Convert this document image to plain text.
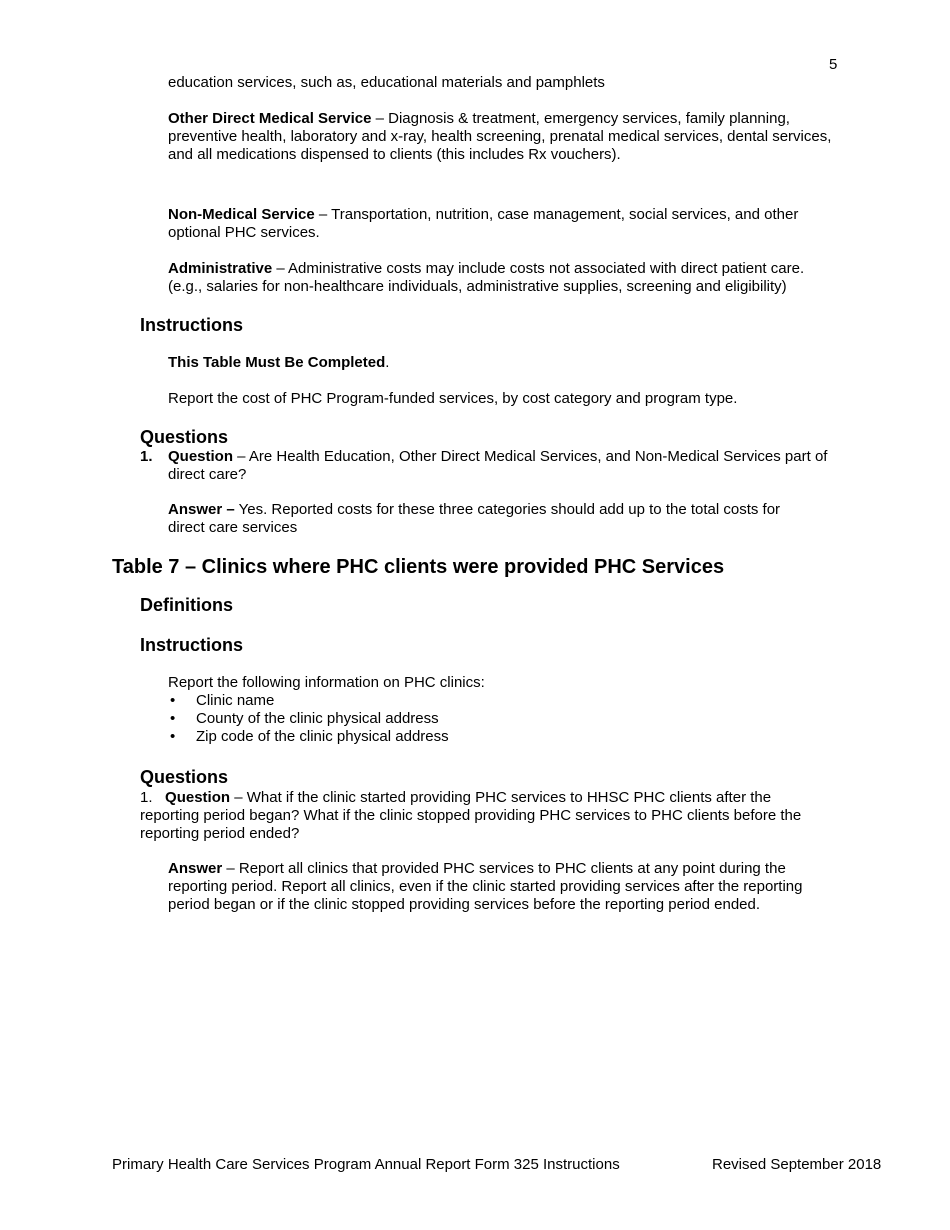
5
education services, such as, educational materials and pamphlets
Other Direct Medical Service – Diagnosis & treatment, emergency services, family planning, preventive health, laboratory and x-ray, health screening, prenatal medical services, dental services, and all medications dispensed to clients (this includes Rx vouchers).
Non-Medical Service – Transportation, nutrition, case management, social services, and other optional PHC services.
Administrative – Administrative costs may include costs not associated with direct patient care. (e.g., salaries for non-healthcare individuals, administrative supplies, screening and eligibility)
Instructions
This Table Must Be Completed.
Report the cost of PHC Program-funded services, by cost category and program type.
Questions
1. Question – Are Health Education, Other Direct Medical Services, and Non-Medical Services part of direct care?
Answer – Yes. Reported costs for these three categories should add up to the total costs for direct care services
Table 7 – Clinics where PHC clients were provided PHC Services
Definitions
Instructions
Report the following information on PHC clinics:
• Clinic name
• County of the clinic physical address
• Zip code of the clinic physical address
Questions
1. Question – What if the clinic started providing PHC services to HHSC PHC clients after the reporting period began? What if the clinic stopped providing PHC services to PHC clients before the reporting period ended?
Answer – Report all clinics that provided PHC services to PHC clients at any point during the reporting period. Report all clinics, even if the clinic started providing services after the reporting period began or if the clinic stopped providing services before the reporting period ended.
Primary Health Care Services Program Annual Report Form 325 Instructions	Revised September 2018
